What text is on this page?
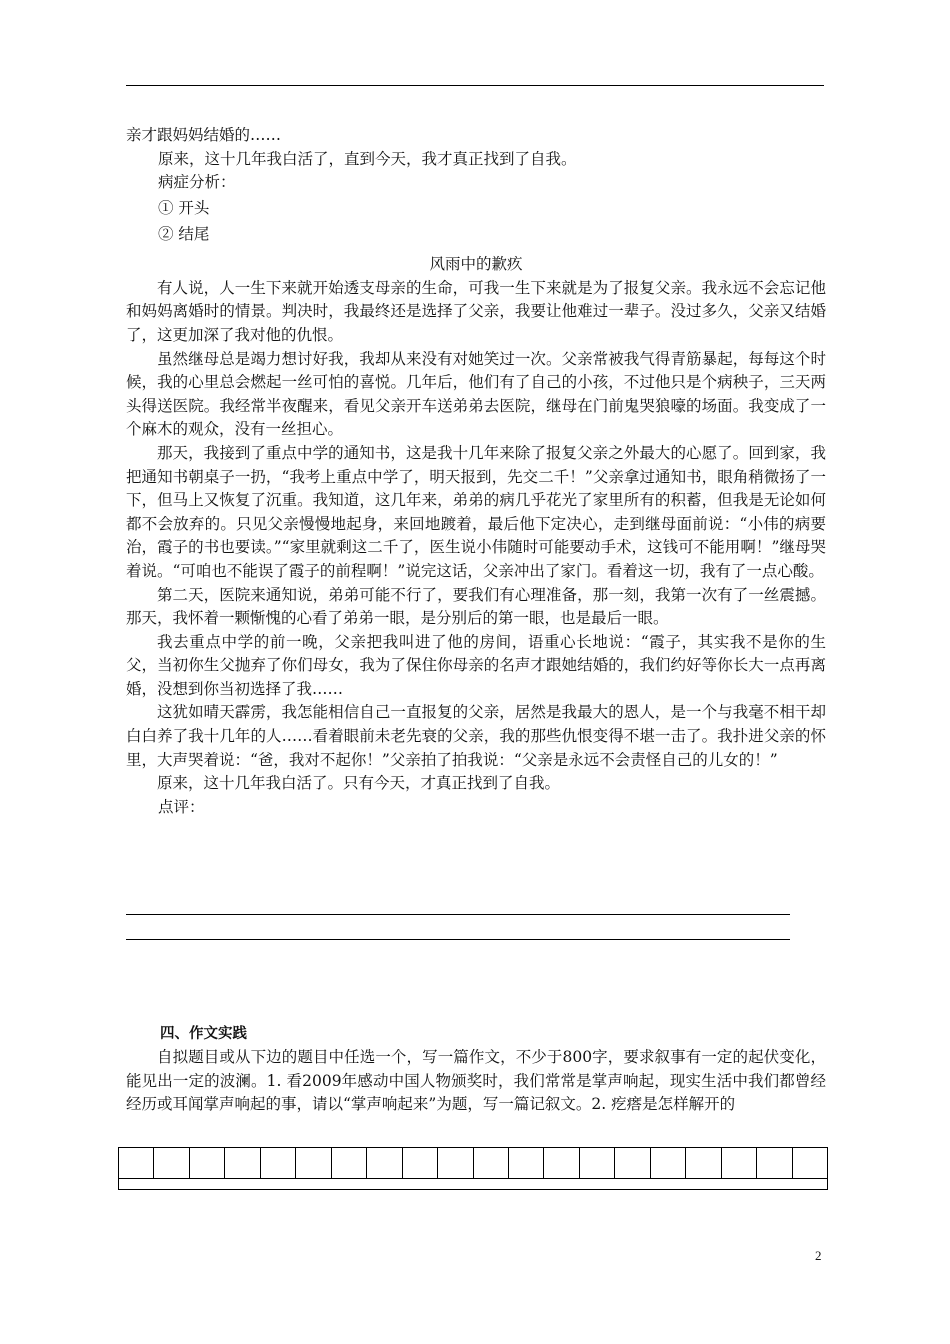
亲才跟妈妈结婚的……
原来，这十几年我白活了，直到今天，我才真正找到了自我。
病症分析：
① 开头
② 结尾
风雨中的歉疚

有人说，人一生下来就开始透支母亲的生命，可我一生下来就是为了报复父亲。我永远不会忘记他和妈妈离婚时的情景。判决时，我最终还是选择了父亲，我要让他难过一辈子。没过多久，父亲又结婚了，这更加深了我对他的仇恨。

虽然继母总是竭力想讨好我，我却从来没有对她笑过一次。父亲常被我气得青筋暴起，每每这个时候，我的心里总会燃起一丝可怕的喜悦。几年后，他们有了自己的小孩，不过他只是个病秧子，三天两头得送医院。我经常半夜醒来，看见父亲开车送弟弟去医院，继母在门前鬼哭狼嚎的场面。我变成了一个麻木的观众，没有一丝担心。

那天，我接到了重点中学的通知书，这是我十几年来除了报复父亲之外最大的心愿了。回到家，我把通知书朝桌子一扔，“我考上重点中学了，明天报到，先交二千！”父亲拿过通知书，眼角稍微扬了一下，但马上又恢复了沉重。我知道，这几年来，弟弟的病几乎花光了家里所有的积蓄，但我是无论如何都不会放弃的。只见父亲慢慢地起身，来回地踱着，最后他下定决心，走到继母面前说：“小伟的病要治，霞子的书也要读。”“家里就剩这二千了，医生说小伟随时可能要动手术，这钱可不能用啊！”继母哭着说。“可咱也不能误了霞子的前程啊！”说完这话，父亲冲出了家门。看着这一切，我有了一点心酸。

第二天，医院来通知说，弟弟可能不行了，要我们有心理准备，那一刻，我第一次有了一丝震撼。那天，我怀着一颗惭愧的心看了弟弟一眼，是分别后的第一眼，也是最后一眼。

我去重点中学的前一晚，父亲把我叫进了他的房间，语重心长地说：“霞子，其实我不是你的生父，当初你生父抛弃了你们母女，我为了保住你母亲的名声才跟她结婚的，我们约好等你长大一点再离婚，没想到你当初选择了我……

这犹如晴天霹雳，我怎能相信自己一直报复的父亲，居然是我最大的恩人，是一个与我毫不相干却白白养了我十几年的人……看着眼前未老先衰的父亲，我的那些仇恨变得不堪一击了。我扑进父亲的怀里，大声哭着说：“爸，我对不起你！”父亲拍了拍我说：“父亲是永远不会责怪自己的儿女的！”

原来，这十几年我白活了。只有今天，才真正找到了自我。

点评：
四、作文实践

自拟题目或从下边的题目中任选一个，写一篇作文，不少于800字，要求叙事有一定的起伏变化，能见出一定的波澜。1. 看2009年感动中国人物颁奖时，我们常常是掌声响起，现实生活中我们都曾经经历或耳闻掌声响起的事，请以“掌声响起来”为题，写一篇记叙文。2. 疙瘩是怎样解开的

2
